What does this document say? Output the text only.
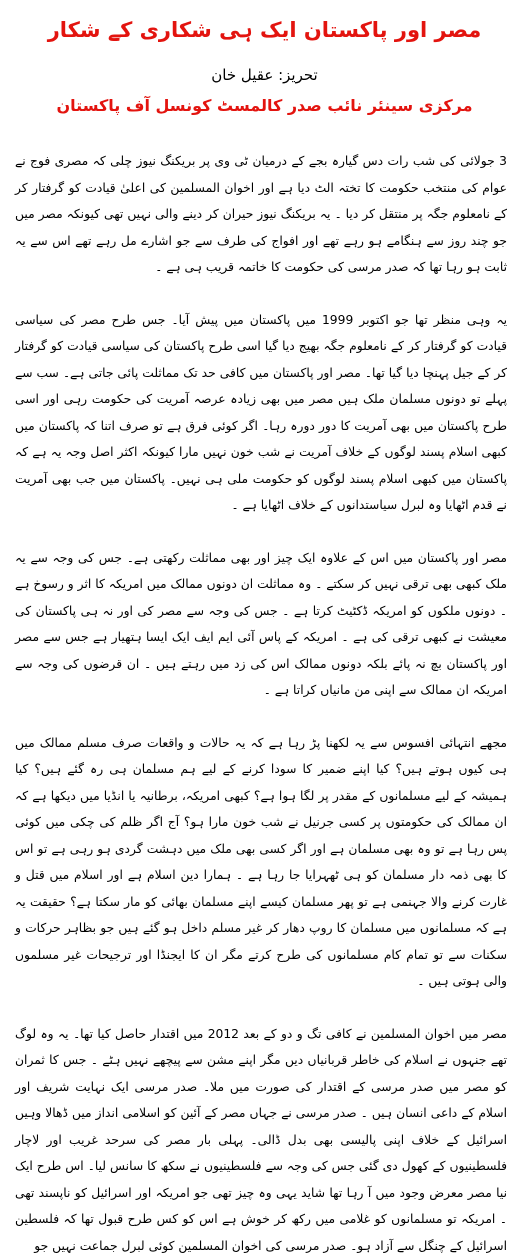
مصر اور پاکستان ایک ہی شکاری کے شکار
تحریز: عقیل خان
مرکزی سینئر نائب صدر کالمسٹ کونسل آف پاکستان

3 جولائی کی شب رات دس گیارہ بجے کے درمیان ٹی وی پر بریکنگ نیوز چلی کہ مصری فوج نے عوام کی منتخب حکومت کا تختہ الٹ دیا ہے اور اخوان المسلمین کی اعلیٰ قیادت کو گرفتار کر کے نامعلوم جگہ پر منتقل کر دیا ۔ یہ بریکنگ نیوز حیران کر دینے والی نہیں تھی کیونکہ مصر میں جو چند روز سے ہنگامے ہو رہے تھے اور افواج کی طرف سے جو اشارے مل رہے تھے اس سے یہ ثابت ہو رہا تھا کہ صدر مرسی کی حکومت کا خاتمہ قریب ہی ہے ۔

یہ وہی منظر تھا جو اکتوبر 1999 میں پاکستان میں پیش آیا۔ جس طرح مصر کی سیاسی قیادت کو گرفتار کر کے نامعلوم جگہ بھیج دیا گیا اسی طرح پاکستان کی سیاسی قیادت کو گرفتار کر کے جیل پہنچا دیا گیا تھا۔ مصر اور پاکستان میں کافی حد تک مماثلت پائی جاتی ہے۔ سب سے پہلے تو دونوں مسلمان ملک ہیں مصر میں بھی زیادہ عرصہ آمریت کی حکومت رہی اور اسی طرح پاکستان میں بھی آمریت کا دور دورہ رہا۔ اگر کوئی فرق ہے تو صرف اتنا کہ پاکستان میں کبھی اسلام پسند لوگوں کے خلاف آمریت نے شب خون نہیں مارا کیونکہ اکثر اصل وجہ یہ ہے کہ پاکستان میں کبھی اسلام پسند لوگوں کو حکومت ملی ہی نہیں۔ پاکستان میں جب بھی آمریت نے قدم اٹھایا وہ لبرل سیاستدانوں کے خلاف اٹھایا ہے ۔

مصر اور پاکستان میں اس کے علاوہ ایک چیز اور بھی مماثلت رکھتی ہے۔ جس کی وجہ سے یہ ملک کبھی بھی ترقی نہیں کر سکتے ۔ وہ مماثلت ان دونوں ممالک میں امریکہ کا اثر و رسوخ ہے ۔ دونوں ملکوں کو امریکہ ڈکٹیٹ کرتا ہے ۔ جس کی وجہ سے مصر کی اور نہ ہی پاکستان کی معیشت نے کبھی ترقی کی ہے ۔ امریکہ کے پاس آئی ایم ایف ایک ایسا ہتھیار ہے جس سے مصر اور پاکستان بچ نہ پائے بلکہ دونوں ممالک اس کی زد میں رہتے ہیں ۔ ان قرضوں کی وجہ سے امریکہ ان ممالک سے اپنی من مانیاں کراتا ہے ۔

مجھے انتہائی افسوس سے یہ لکھنا پڑ رہا ہے کہ یہ حالات و واقعات صرف مسلم ممالک میں ہی کیوں ہوتے ہیں؟ کیا اپنے ضمیر کا سودا کرنے کے لیے ہم مسلمان ہی رہ گئے ہیں؟ کیا ہمیشہ کے لیے مسلمانوں کے مقدر پر لگا ہوا ہے؟ کبھی امریکہ، برطانیہ یا انڈیا میں دیکھا ہے کہ ان ممالک کی حکومتوں پر کسی جرنیل نے شب خون مارا ہو؟ آج اگر ظلم کی چکی میں کوئی پس رہا ہے تو وہ بھی مسلمان ہے اور اگر کسی بھی ملک میں دہشت گردی ہو رہی ہے تو اس کا بھی ذمہ دار مسلمان کو ہی ٹھہرایا جا رہا ہے ۔ ہمارا دین اسلام ہے اور اسلام میں قتل و غارت کرنے والا جہنمی ہے تو پھر مسلمان کیسے اپنے مسلمان بھائی کو مار سکتا ہے؟ حقیقت یہ ہے کہ مسلمانوں میں مسلمان کا روپ دھار کر غیر مسلم داخل ہو گئے ہیں جو بظاہر حرکات و سکنات سے تو تمام کام مسلمانوں کی طرح کرتے مگر ان کا ایجنڈا اور ترجیحات غیر مسلموں والی ہوتی ہیں ۔

مصر میں اخوان المسلمین نے کافی تگ و دو کے بعد 2012 میں اقتدار حاصل کیا تھا۔ یہ وہ لوگ تھے جنہوں نے اسلام کی خاطر قربانیاں دیں مگر اپنے مشن سے پیچھے نہیں ہٹے ۔ جس کا ثمران کو مصر میں صدر مرسی کے اقتدار کی صورت میں ملا۔ صدر مرسی ایک نہایت شریف اور اسلام کے داعی انسان ہیں ۔ صدر مرسی نے جہاں مصر کے آئین کو اسلامی انداز میں ڈھالا وہیں اسرائیل کے خلاف اپنی پالیسی بھی بدل ڈالی۔ پہلی بار مصر کی سرحد غریب اور لاچار فلسطینیوں کے کھول دی گئی جس کی وجہ سے فلسطینیوں نے سکھ کا سانس لیا۔ اس طرح ایک نیا مصر معرض وجود میں آ رہا تھا شاید یہی وہ چیز تھی جو امریکہ اور اسرائیل کو ناپسند تھی ۔ امریکہ تو مسلمانوں کو غلامی میں رکھ کر خوش ہے اس کو کس طرح قبول تھا کہ فلسطین اسرائیل کے چنگل سے آزاد ہو۔ صدر مرسی کی اخوان المسلمین کوئی لبرل جماعت نہیں جو
